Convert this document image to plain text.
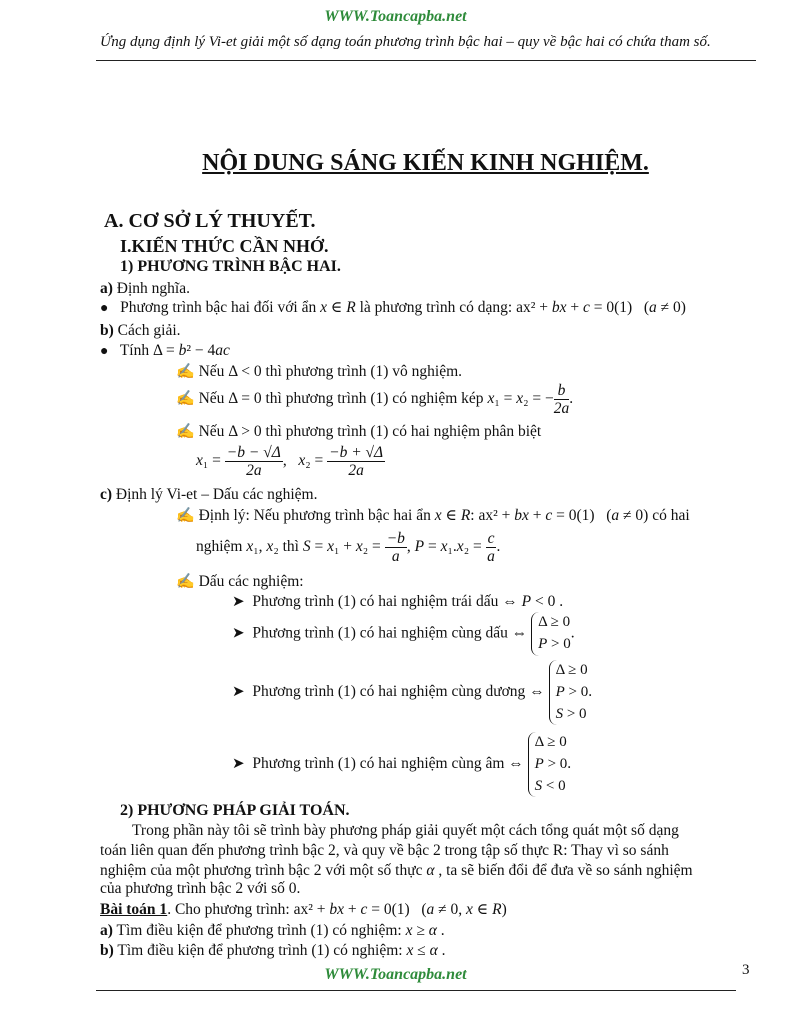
WWW.Toancapba.net
Ứng dụng định lý Vi-et giải một số dạng toán phương trình bậc hai – quy về bậc hai có chứa tham số.
NỘI DUNG SÁNG KIẾN KINH NGHIỆM.
A. CƠ SỞ LÝ THUYẾT.
I.KIẾN THỨC CẦN NHỚ.
1) PHƯƠNG TRÌNH BẬC HAI.
a) Định nghĩa.
● Phương trình bậc hai đối với ẩn x ∈ R là phương trình có dạng: ax² + bx + c = 0(1)   (a ≠ 0)
b) Cách giải.
● Tính Δ = b² − 4ac
✍ Nếu Δ < 0 thì phương trình (1) vô nghiệm.
✍ Nếu Δ = 0 thì phương trình (1) có nghiệm kép x₁ = x₂ = − $\frac{b}{2a}$ .
✍ Nếu Δ > 0 thì phương trình (1) có hai nghiệm phân biệt
$x_1 = \frac{-b - √\Delta}{2a}$ ,   $x_2 = \frac{-b + √\Delta}{2a}$
c) Định lý Vi-et – Dấu các nghiệm.
✍ Định lý: Nếu phương trình bậc hai ẩn x ∈ R: ax² + bx + c = 0(1)   (a ≠ 0) có hai
nghiệm x₁, x₂ thì $S = x_1 + x_2 = \frac{-b}{a}$ , $P = x_1.x_2 = \frac{c}{a}$ .
✍ Dấu các nghiệm:
➤ Phương trình (1) có hai nghiệm trái dấu ⇔ P < 0 .
➤ Phương trình (1) có hai nghiệm cùng dấu ⇔ Δ ≥ 0
P > 0.
➤ Phương trình (1) có hai nghiệm cùng dương ⇔ Δ ≥ 0
P > 0
S > 0.
➤ Phương trình (1) có hai nghiệm cùng âm ⇔ Δ ≥ 0
P > 0
S < 0.
2) PHƯƠNG PHÁP GIẢI TOÁN.
Trong phần này tôi sẽ trình bày phương pháp giải quyết một cách tổng quát một số dạng
toán liên quan đến phương trình bậc 2, và quy về bậc 2 trong tập số thực R: Thay vì so sánh
nghiệm của một phương trình bậc 2 với một số thực α , ta sẽ biến đổi để đưa về so sánh nghiệm
của phương trình bậc 2 với số 0.
Bài toán 1. Cho phương trình: ax² + bx + c = 0(1)   (a ≠ 0, x ∈ R)
a) Tìm điều kiện để phương trình (1) có nghiệm: x ≥ α .
b) Tìm điều kiện để phương trình (1) có nghiệm: x ≤ α .
WWW.Toancapba.net	3
